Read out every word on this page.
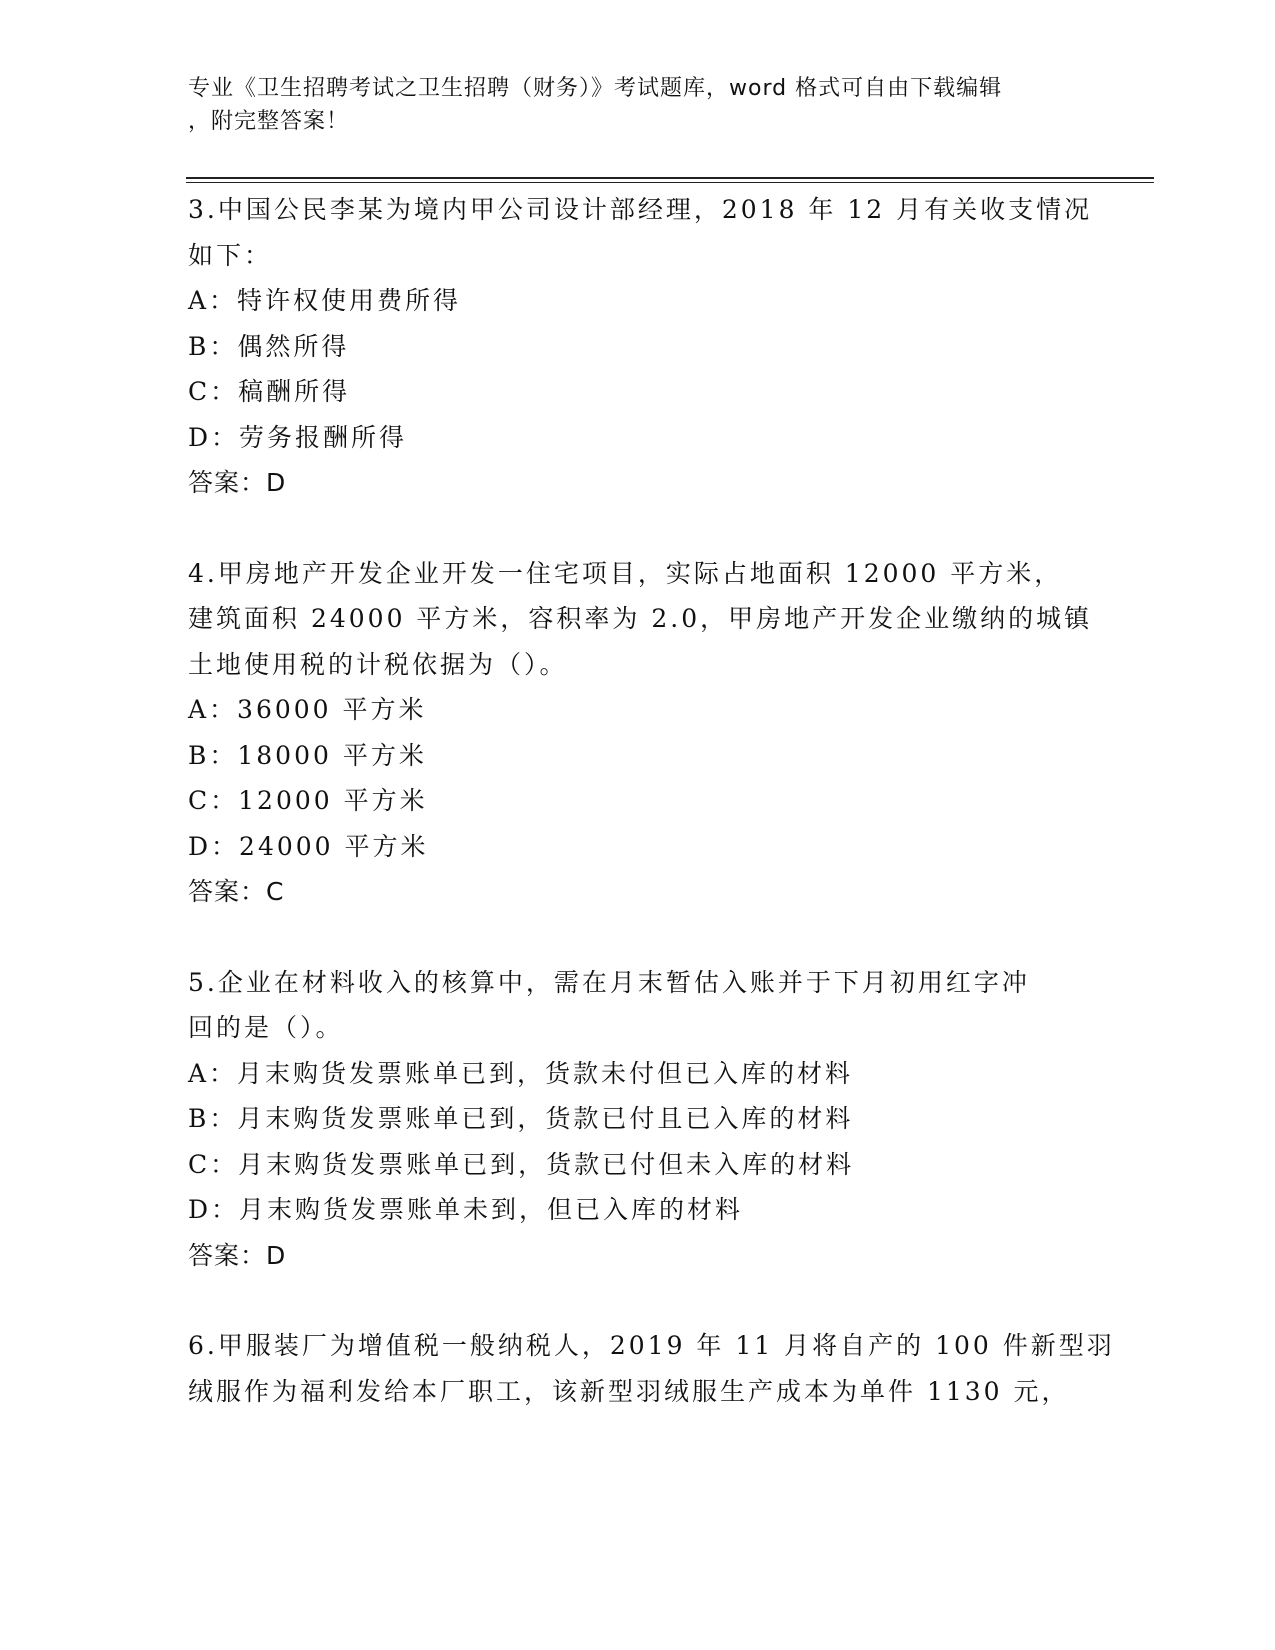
专业《卫生招聘考试之卫生招聘（财务）》考试题库，word 格式可自由下载编辑
，附完整答案！
3.中国公民李某为境内甲公司设计部经理，2018 年 12 月有关收支情况
如下：
A：特许权使用费所得
B：偶然所得
C：稿酬所得
D：劳务报酬所得
答案：D
4.甲房地产开发企业开发一住宅项目，实际占地面积 12000 平方米，
建筑面积 24000 平方米，容积率为 2.0，甲房地产开发企业缴纳的城镇
土地使用税的计税依据为（）。
A：36000 平方米
B：18000 平方米
C：12000 平方米
D：24000 平方米
答案：C
5.企业在材料收入的核算中，需在月末暂估入账并于下月初用红字冲
回的是（）。
A：月末购货发票账单已到，货款未付但已入库的材料
B：月末购货发票账单已到，货款已付且已入库的材料
C：月末购货发票账单已到，货款已付但未入库的材料
D：月末购货发票账单未到，但已入库的材料
答案：D
6.甲服装厂为增值税一般纳税人，2019 年 11 月将自产的 100 件新型羽
绒服作为福利发给本厂职工，该新型羽绒服生产成本为单件 1130 元，
